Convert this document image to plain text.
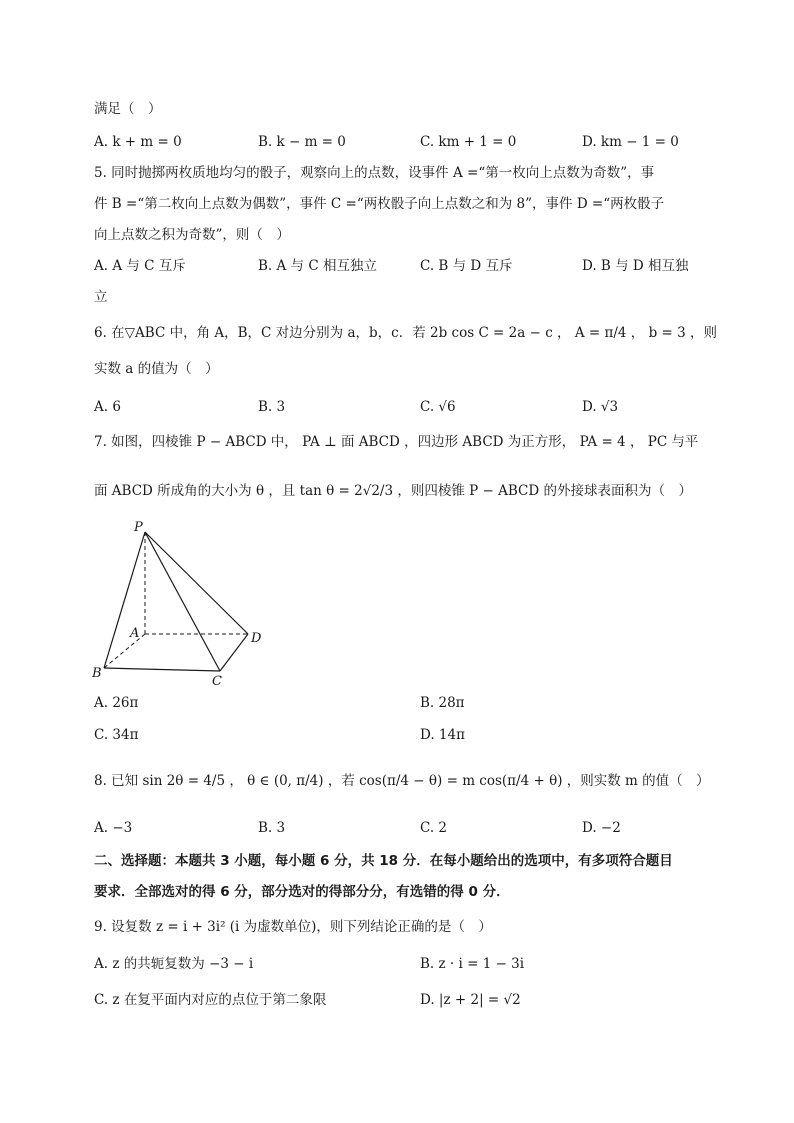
满足（　）
A. k + m = 0	B. k − m = 0	C. km + 1 = 0	D. km − 1 = 0
5. 同时抛掷两枚质地均匀的骰子，观察向上的点数，设事件 A =“第一枚向上点数为奇数”，事
件 B =“第二枚向上点数为偶数”，事件 C =“两枚骰子向上点数之和为 8”，事件 D =“两枚骰子
向上点数之积为奇数”，则（　）
A. A 与 C 互斥	B. A 与 C 相互独立	C. B 与 D 互斥	D. B 与 D 相互独
立
6. 在▽ABC 中，角 A，B，C 对边分别为 a，b，c．若 2b cos C = 2a − c ， A = π/4 ， b = 3 ，则
实数 a 的值为（　）
A. 6	B. 3	C. √6	D. √3
7. 如图，四棱锥 P − ABCD 中， PA ⊥ 面 ABCD ，四边形 ABCD 为正方形， PA = 4 ， PC 与平
面 ABCD 所成角的大小为 θ ，且 tan θ = 2√2/3 ，则四棱锥 P − ABCD 的外接球表面积为（　）
P
A	D
B
C
A. 26π	B. 28π
C. 34π	D. 14π
8. 已知 sin 2θ = 4/5 ， θ ∈ (0, π/4) ，若 cos(π/4 − θ) = m cos(π/4 + θ) ，则实数 m 的值（　）
A. −3	B. 3	C. 2	D. −2
二、选择题：本题共 3 小题，每小题 6 分，共 18 分．在每小题给出的选项中，有多项符合题目
要求．全部选对的得 6 分，部分选对的得部分分，有选错的得 0 分．
9. 设复数 z = i + 3i² (i 为虚数单位)，则下列结论正确的是（　）
A. z 的共轭复数为 −3 − i	B. z · i = 1 − 3i
C. z 在复平面内对应的点位于第二象限	D. |z + 2| = √2
